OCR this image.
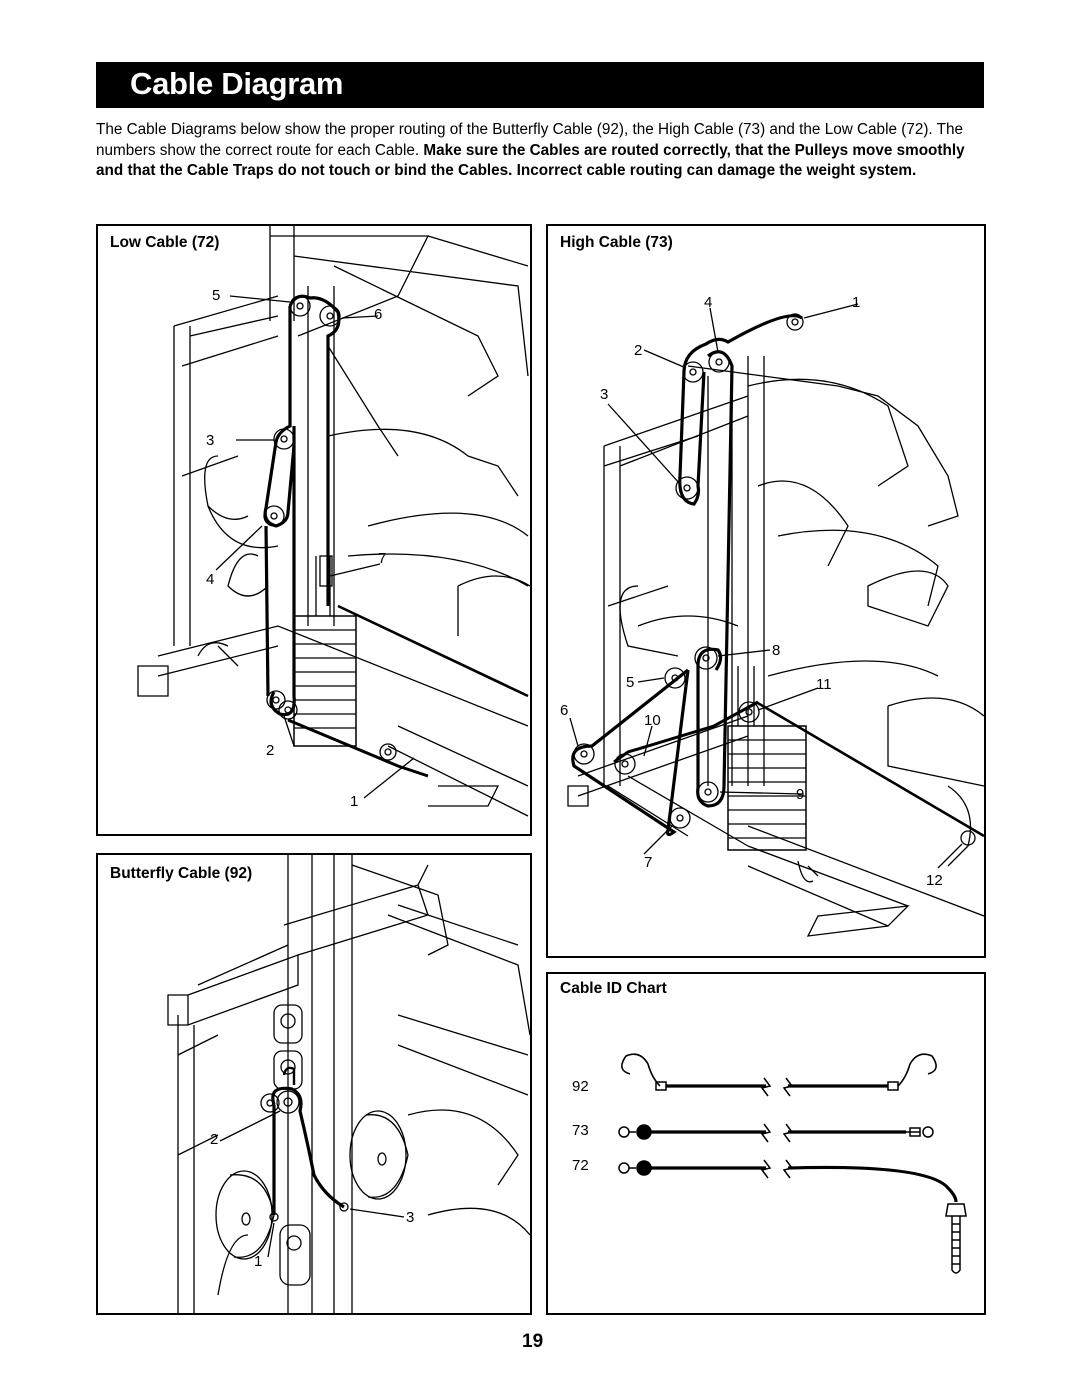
Cable Diagram
The Cable Diagrams below show the proper routing of the Butterfly Cable (92), the High Cable (73) and the Low Cable (72). The numbers show the correct route for each Cable. Make sure the Cables are routed correctly, that the Pulleys move smoothly and that the Cable Traps do not touch or bind the Cables. Incorrect cable routing can damage the weight system.
Low Cable (72)
5
6
3
7
4
2
1
High Cable (73)
4	1
2
3
8
5	11
6
10
9
7
12
Butterfly Cable (92)
2
3
1
Cable ID Chart
92
73
72
19
